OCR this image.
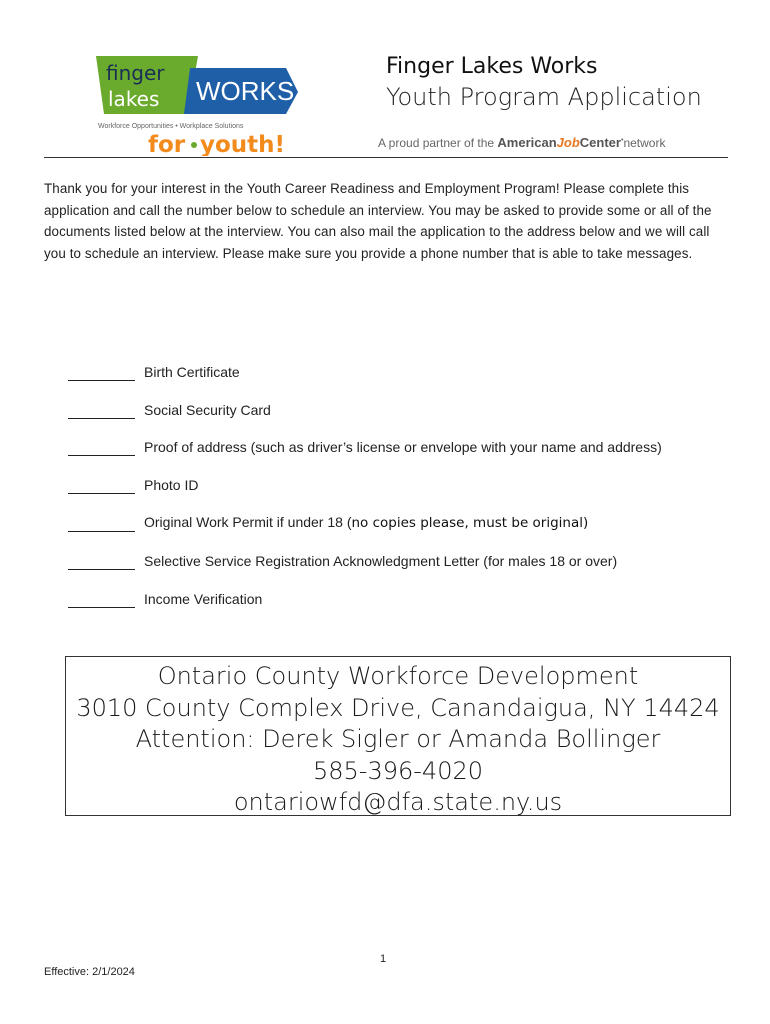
finger
lakes WORKS
Workforce Opportunities • Workplace Solutions
for youth!
Finger Lakes Works
Youth Program Application
A proud partner of the AmericanJobCenter•network
Thank you for your interest in the Youth Career Readiness and Employment Program! Please complete this application and call the number below to schedule an interview. You may be asked to provide some or all of the documents listed below at the interview. You can also mail the application to the address below and we will call you to schedule an interview. Please make sure you provide a phone number that is able to take messages.
Birth Certificate
Social Security Card
Proof of address (such as driver’s license or envelope with your name and address)
Photo ID
Original Work Permit if under 18 (no copies please, must be original)
Selective Service Registration Acknowledgment Letter (for males 18 or over)
Income Verification
Ontario County Workforce Development
3010 County Complex Drive, Canandaigua, NY 14424
Attention: Derek Sigler or Amanda Bollinger
585-396-4020
ontariowfd@dfa.state.ny.us
1
Effective: 2/1/2024
